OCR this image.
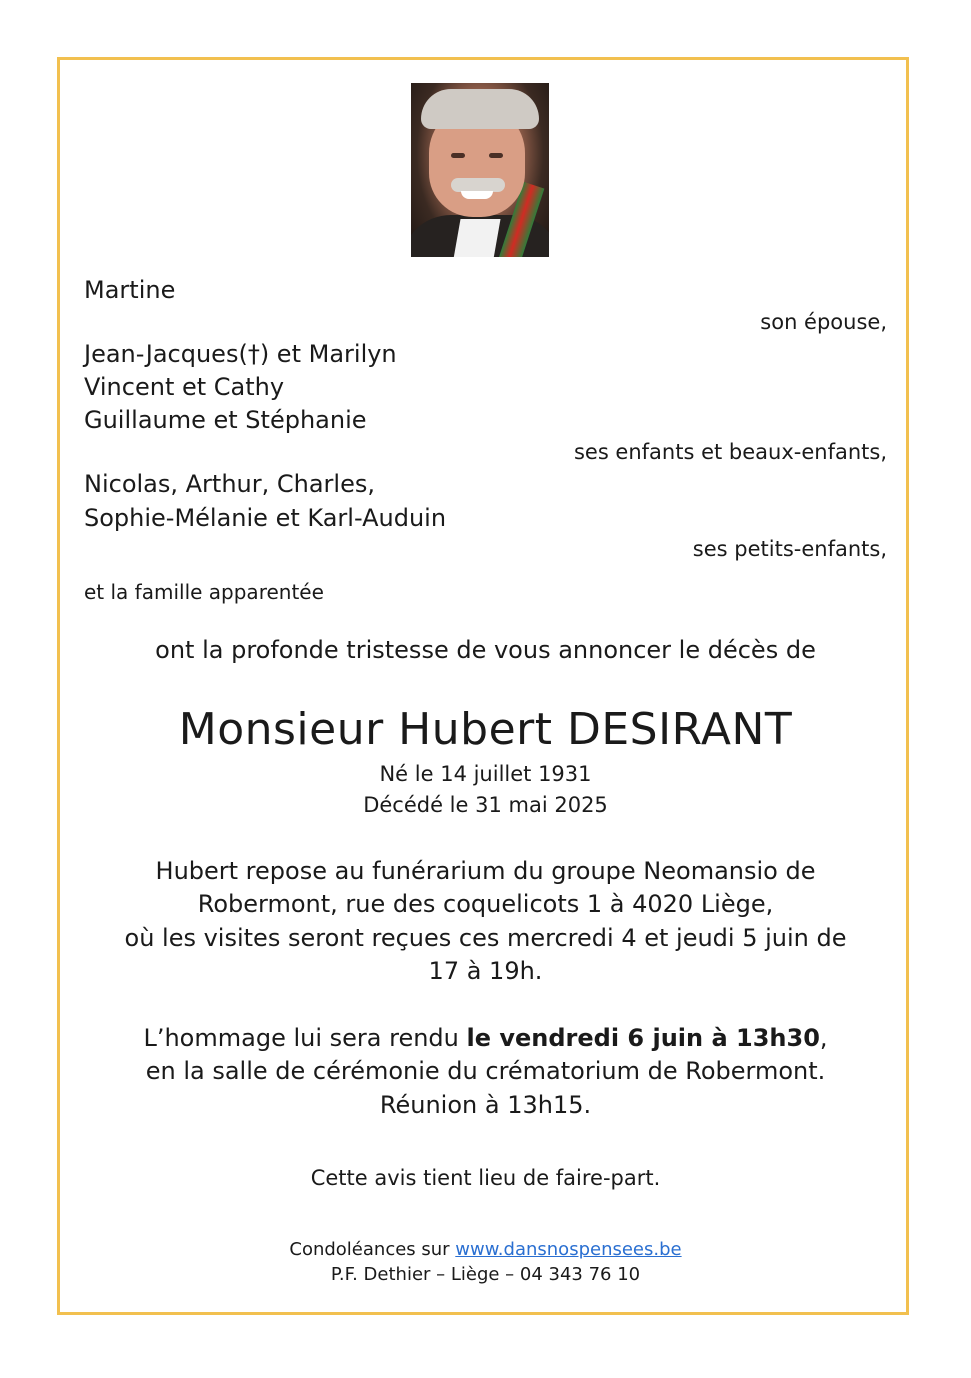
Martine

son épouse,

Jean-Jacques(†) et Marilyn

Vincent et Cathy

Guillaume et Stéphanie

ses enfants et beaux-enfants,

Nicolas, Arthur, Charles,

Sophie-Mélanie et Karl-Auduin

ses petits-enfants,

et la famille apparentée

ont la profonde tristesse de vous annoncer le décès de

Monsieur Hubert DESIRANT

Né le 14 juillet 1931

Décédé le 31 mai 2025

Hubert repose au funérarium du groupe Neomansio de

Robermont, rue des coquelicots 1 à 4020 Liège,

où les visites seront reçues ces mercredi 4 et jeudi 5 juin de

17 à 19h.

L’hommage lui sera rendu le vendredi 6 juin à 13h30,

en la salle de cérémonie du crématorium de Robermont.

Réunion à 13h15.

Cette avis tient lieu de faire-part.

Condoléances sur www.dansnospensees.be

P.F. Dethier – Liège – 04 343 76 10
